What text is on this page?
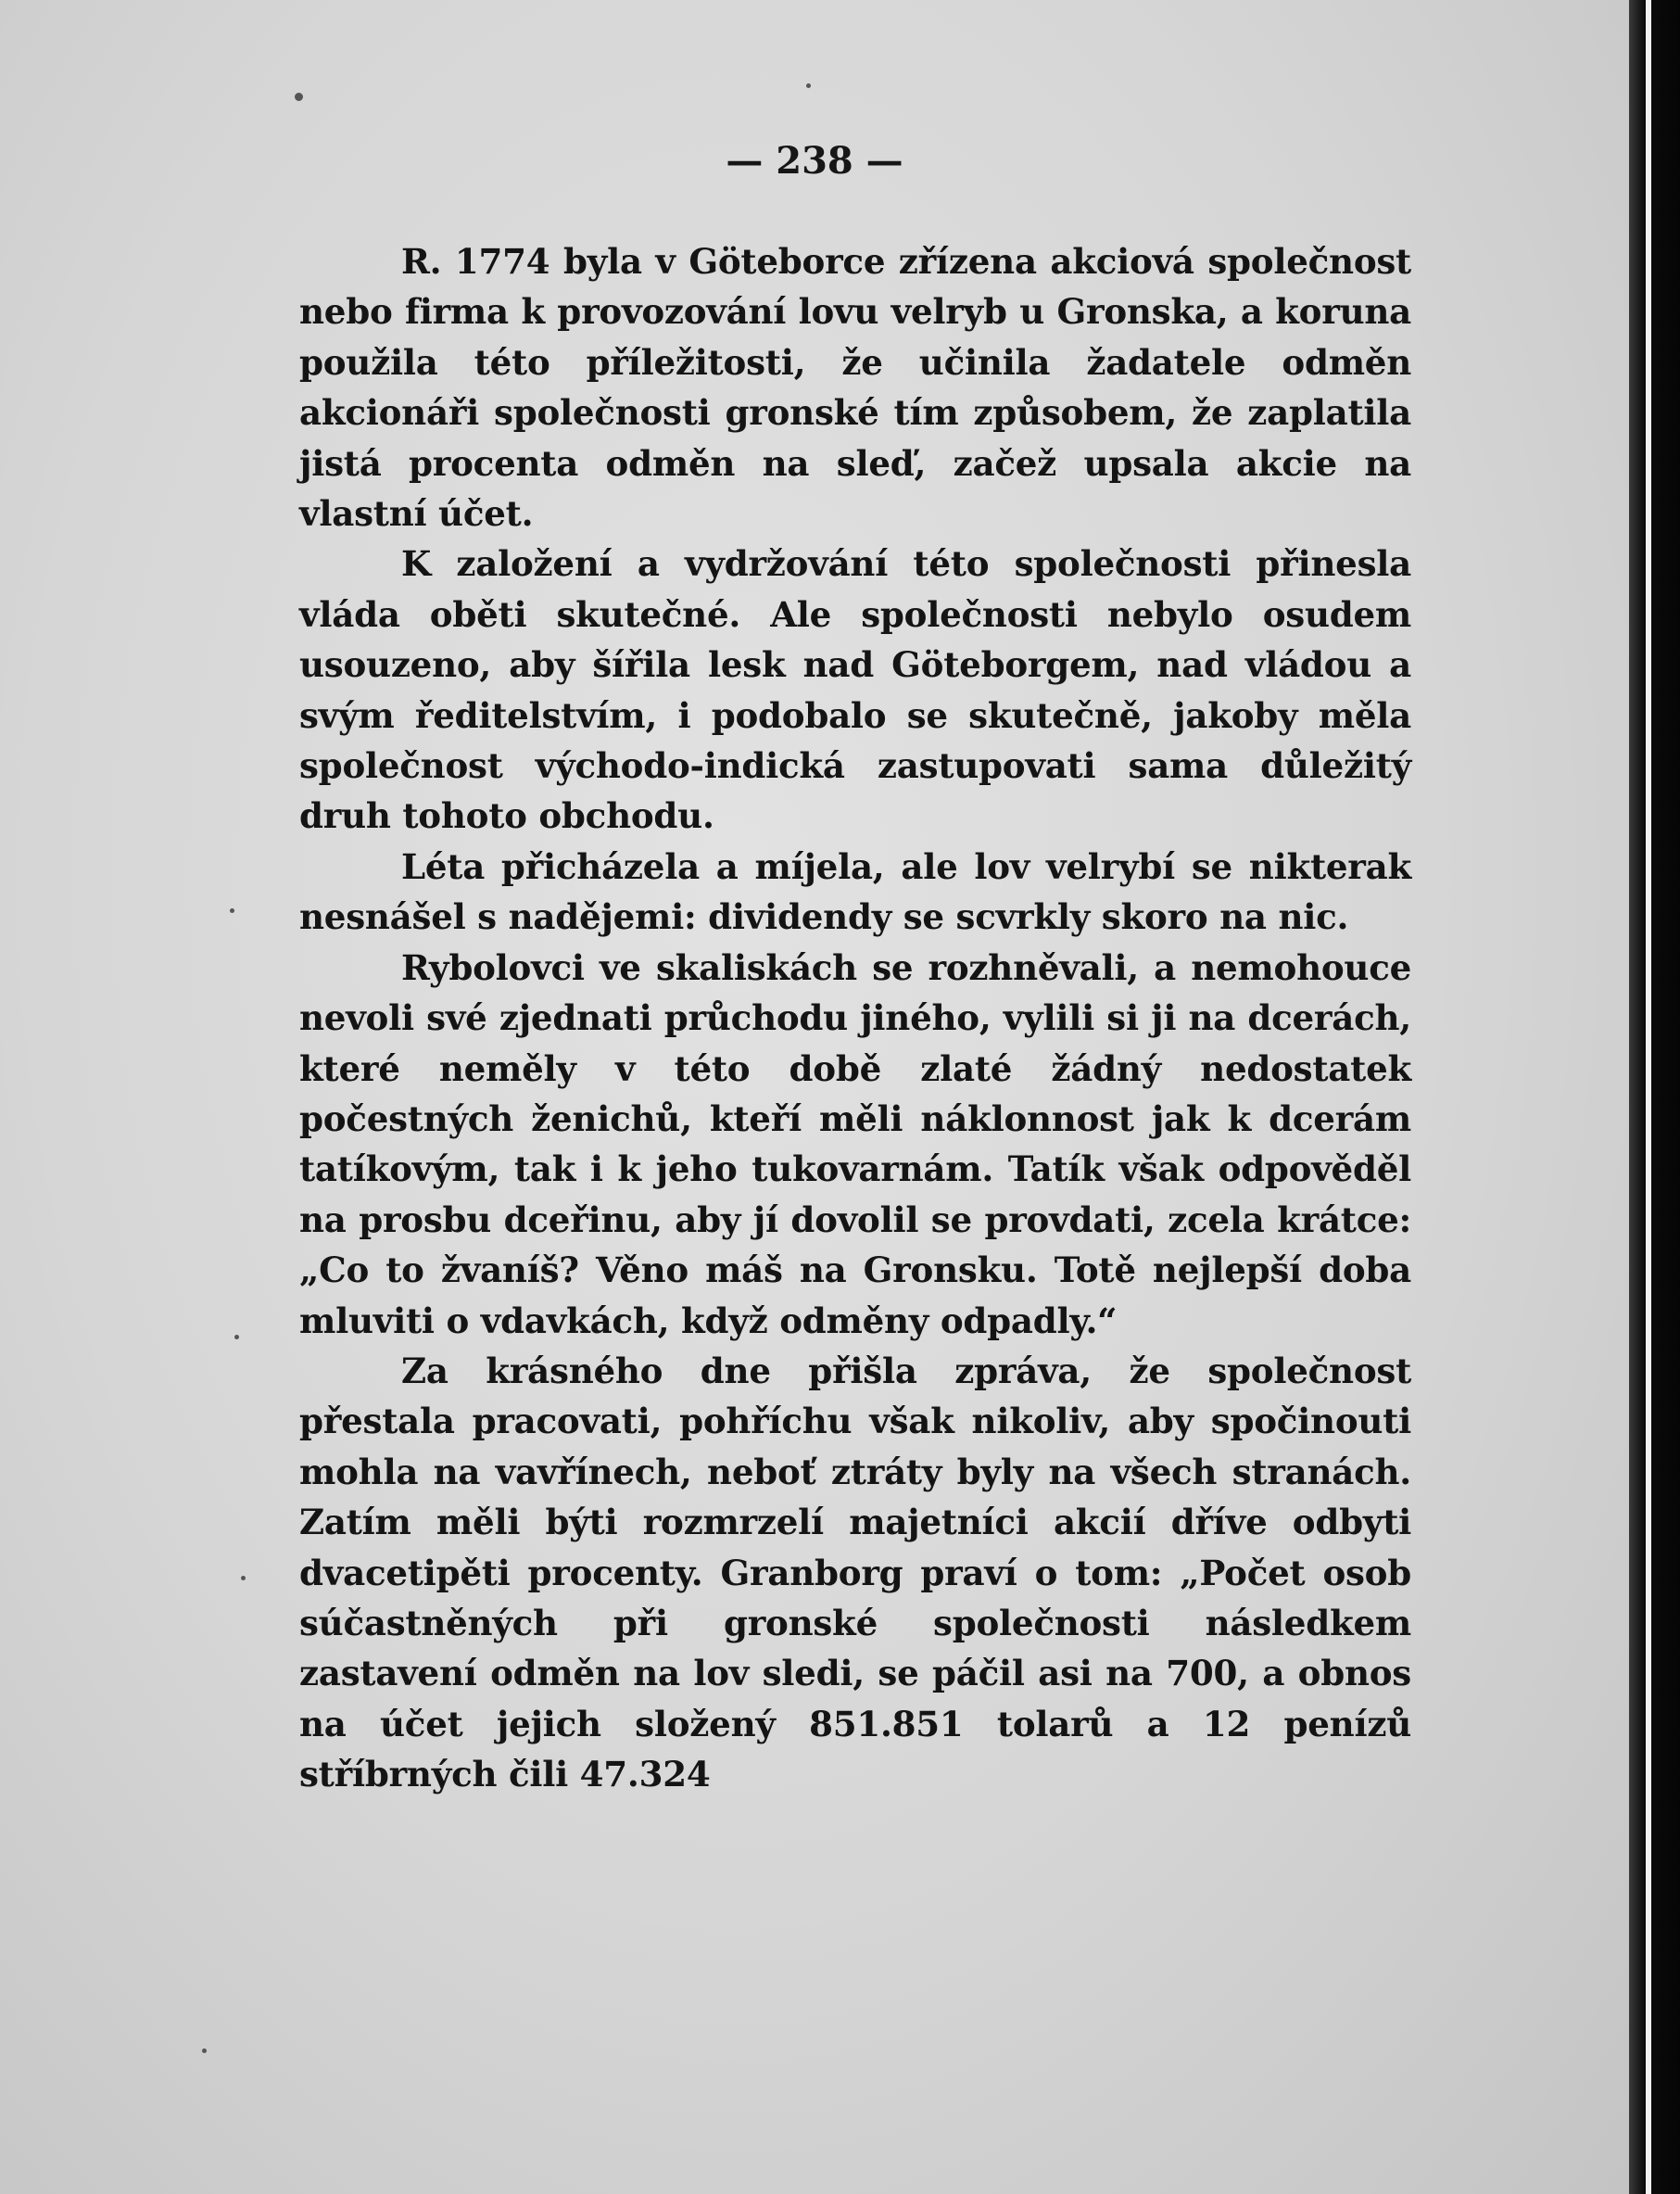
— 238 —

R. 1774 byla v Göteborce zřízena akciová společnost nebo firma k provozování lovu velryb u Gronska, a koruna použila této příležitosti, že učinila žadatele odměn akcionáři společnosti gronské tím způsobem, že zaplatila jistá procenta odměn na sleď, začež upsala akcie na vlastní účet.

K založení a vydržování této společnosti přinesla vláda oběti skutečné. Ale společnosti nebylo osudem usouzeno, aby šířila lesk nad Göteborgem, nad vládou a svým ředitelstvím, i podobalo se skutečně, jakoby měla společnost východo-indická zastupovati sama důležitý druh tohoto obchodu.

Léta přicházela a míjela, ale lov velrybí se nikterak nesnášel s nadějemi: dividendy se scvrkly skoro na nic.

Rybolovci ve skaliskách se rozhněvali, a nemohouce nevoli své zjednati průchodu jiného, vylili si ji na dcerách, které neměly v této době zlaté žádný nedostatek počestných ženichů, kteří měli náklonnost jak k dcerám tatíkovým, tak i k jeho tukovarnám. Tatík však odpověděl na prosbu dceřinu, aby jí dovolil se provdati, zcela krátce: „Co to žvaníš? Věno máš na Gronsku. Totě nejlepší doba mluviti o vdavkách, když odměny odpadly.“

Za krásného dne přišla zpráva, že společnost přestala pracovati, pohříchu však nikoliv, aby spočinouti mohla na vavřínech, neboť ztráty byly na všech stranách. Zatím měli býti rozmrzelí majetníci akcií dříve odbyti dvacetipěti procenty. Granborg praví o tom: „Počet osob súčastněných při gronské společnosti následkem zastavení odměn na lov sledi, se páčil asi na 700, a obnos na účet jejich složený 851.851 tolarů a 12 penízů stříbrných čili 47.324
